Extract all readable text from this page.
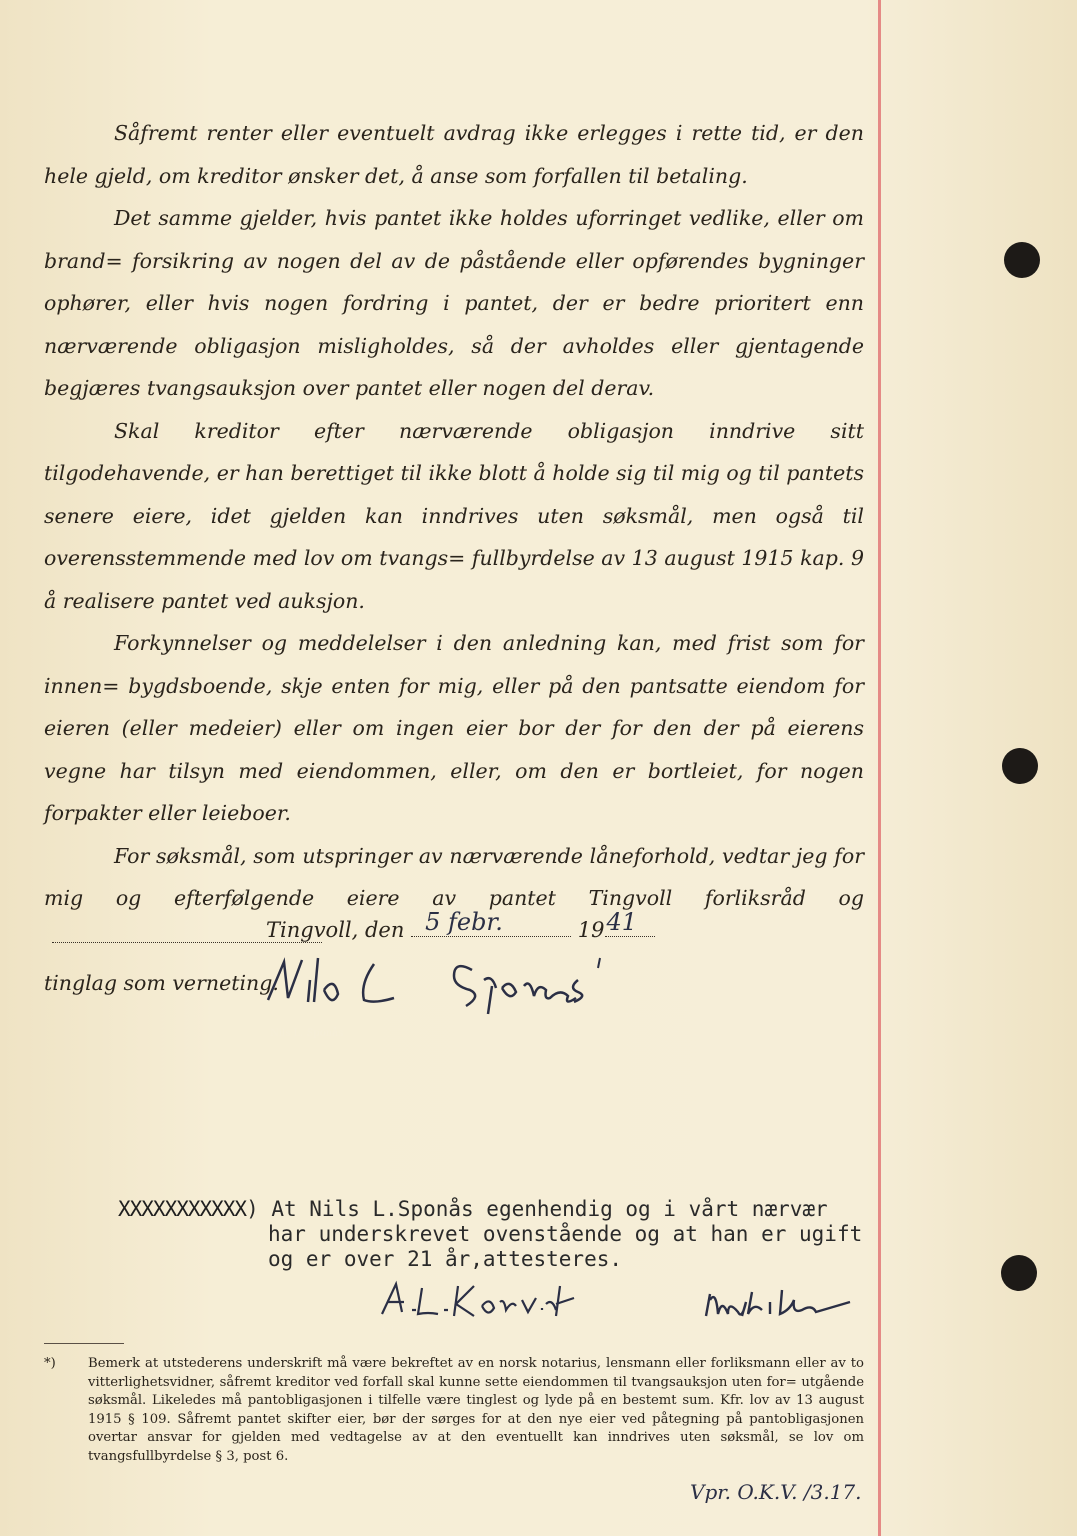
Såfremt renter eller eventuelt avdrag ikke erlegges i rette tid, er den hele gjeld, om kreditor ønsker det, å anse som forfallen til betaling.

Det samme gjelder, hvis pantet ikke holdes uforringet vedlike, eller om brand= forsikring av nogen del av de påstående eller opførendes bygninger ophører, eller hvis nogen fordring i pantet, der er bedre prioritert enn nærværende obligasjon misligholdes, så der avholdes eller gjentagende begjæres tvangsauksjon over pantet eller nogen del derav.

Skal kreditor efter nærværende obligasjon inndrive sitt tilgodehavende, er han berettiget til ikke blott å holde sig til mig og til pantets senere eiere, idet gjelden kan inndrives uten søksmål, men også til overensstemmende med lov om tvangs= fullbyrdelse av 13 august 1915 kap. 9 å realisere pantet ved auksjon.

Forkynnelser og meddelelser i den anledning kan, med frist som for innen= bygdsboende, skje enten for mig, eller på den pantsatte eiendom for eieren (eller medeier) eller om ingen eier bor der for den der på eierens vegne har tilsyn med eiendommen, eller, om den er bortleiet, for nogen forpakter eller leieboer.

For søksmål, som utspringer av nærværende låneforhold, vedtar jeg for mig og efterfølgende eiere av pantet Tingvoll forliksråd og

tinglag som verneting.

Tingvoll, den 5 febr.	19 41
Nils L. Sponås
XXXXXXXXXXX) At Nils L.Sponås egenhendig og i vårt nærvær
har underskrevet ovenstående og at han er ugift
og er over 21 år,attesteres.
A. L. Hokavik	Melbeide
*) Bemerk at utstederens underskrift må være bekreftet av en norsk notarius, lensmann eller forliksmann eller av to vitterlighetsvidner, såfremt kreditor ved forfall skal kunne sette eiendommen til tvangsauksjon uten for= utgående søksmål. Likeledes må pantobligasjonen i tilfelle være tinglest og lyde på en bestemt sum. Kfr. lov av 13 august 1915 § 109. Såfremt pantet skifter eier, bør der sørges for at den nye eier ved påtegning på pantobligasjonen overtar ansvar for gjelden med vedtagelse av at den eventuellt kan inndrives uten søksmål, se lov om tvangsfullbyrdelse § 3, post 6.
Vpr. O.K.V. /3.17.
